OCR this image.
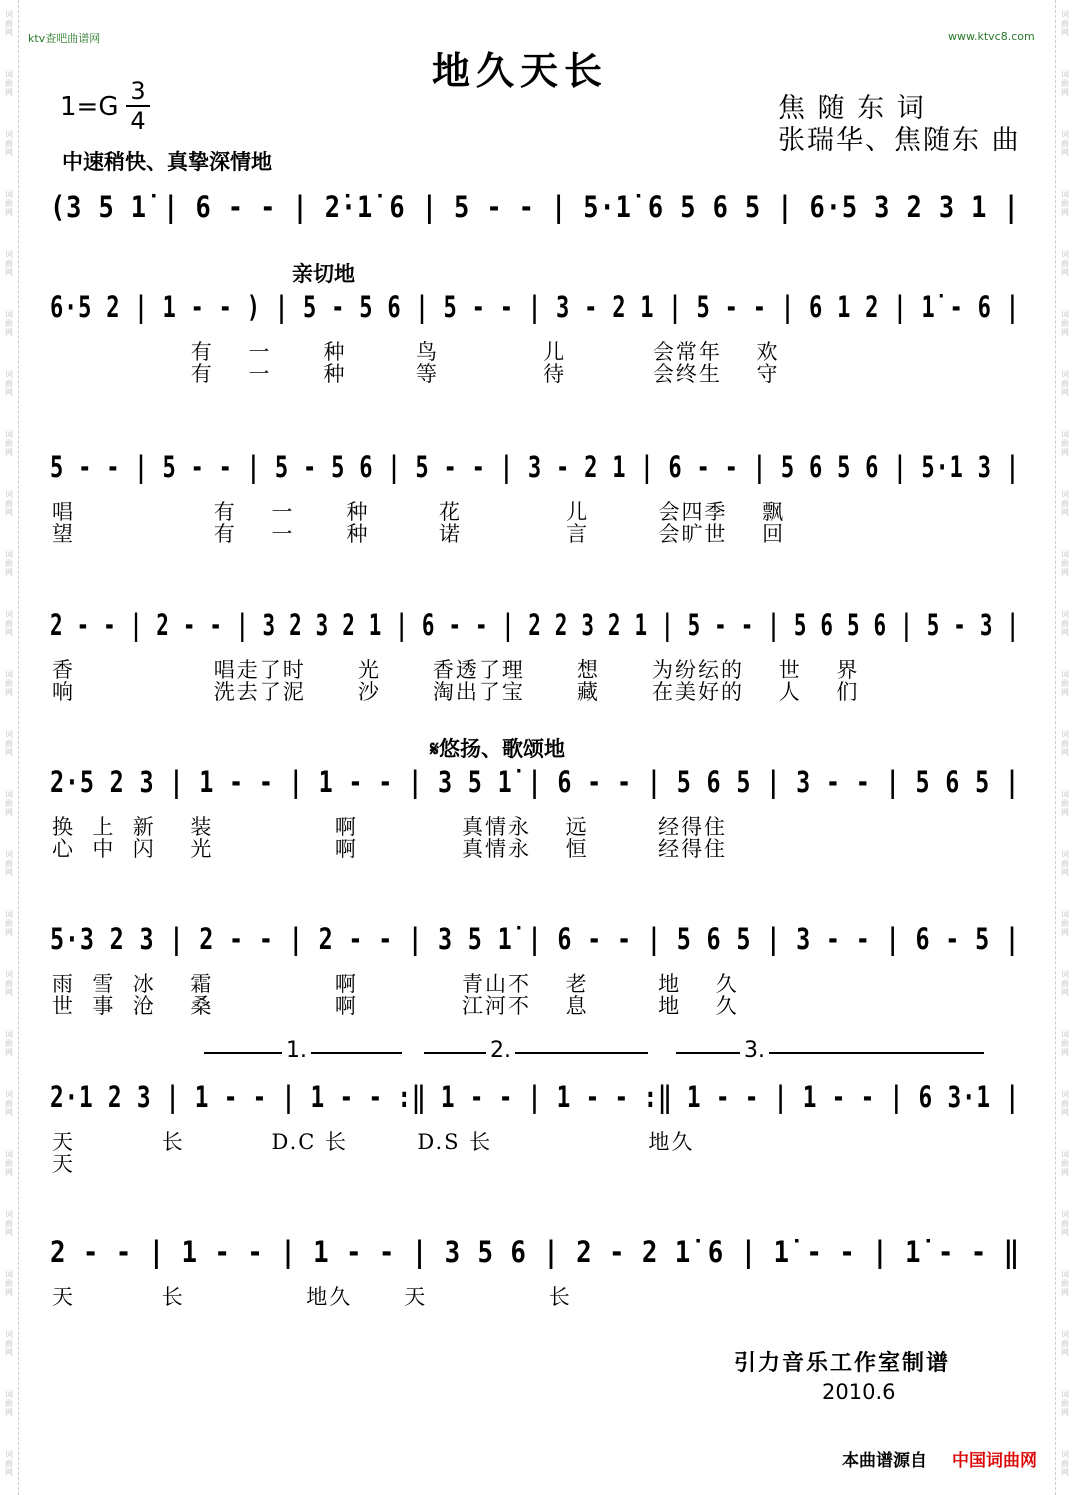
词
曲
网
词
曲
网
词
曲
网
词
曲
网
词
曲
网
词
曲
网
词
曲
网
词
曲
网
词
曲
网
词
曲
网
词
曲
网
词
曲
网
词
曲
网
词
曲
网
词
曲
网
词
曲
网
词
曲
网
词
曲
网
词
曲
网
词
曲
网
词
曲
网
词
曲
网
词
曲
网
词
曲
网
词
曲
网
词
曲
网
词
曲
网
词
曲
网
词
曲
网
词
曲
网
词
曲
网
词
曲
网
词
曲
网
词
曲
网
词
曲
网
词
曲
网
词
曲
网
词
曲
网
词
曲
网
词
曲
网
词
曲
网
词
曲
网
词
曲
网
词
曲
网
词
曲
网
词
曲
网
词
曲
网
词
曲
网
词
曲
网
词
曲
网
ktv查吧曲谱网	www.ktvc8.com
地久天长
1=G
3
4	焦 随 东 词
张瑞华、焦随东 曲
中速稍快、真挚深情地
(3 5 1̇ | 6 - - | 2̇·1̇ 6 | 5 - - | 5·1̇ 6 5 6 5 | 6·5 3 2 3 1 |
亲切地
6·5 2 | 1 - - ) | 5 - 5 6 | 5 - - | 3 - 2 1 | 5 - - | 6 1 2 | 1̇ - 6 |
有    一      种        鸟            儿          会常年    欢
有    一      种        等            待          会终生    守
5 - - | 5 - - | 5 - 5 6 | 5 - - | 3 - 2 1 | 6 - - | 5 6 5 6 | 5·1 3 |
唱                有    一      种        花            儿        会四季    飘
望                有    一      种        诺            言        会旷世    回
2 - - | 2 - - | 3 2 3 2 1 | 6 - - | 2 2 3 2 1 | 5 - - | 5 6 5 6 | 5 - 3 |
香                唱走了时      光      香透了理      想      为纷纭的    世    界
响                洗去了泥      沙      淘出了宝      藏      在美好的    人    们
𝄋悠扬、歌颂地
2·5 2 3 | 1 - - | 1 - - | 3 5 1̇ | 6 - - | 5 6 5 | 3 - - | 5 6 5 |
换  上  新    装              啊            真情永    远        经得住
心  中  闪    光              啊            真情永    恒        经得住
5·3 2 3 | 2 - - | 2 - - | 3 5 1̇ | 6 - - | 5 6 5 | 3 - - | 6 - 5 |
雨  雪  冰    霜              啊            青山不    老        地    久
世  事  沧    桑              啊            江河不    息        地    久
2·1 2 3 | 1 - - | 1 - - :‖ 1 - - | 1 - - :‖ 1 - - | 1 - - | 6 3·1 |
天          长          D.C 长        D.S 长                  地久
天
2 - - | 1 - - | 1 - - | 3 5 6 | 2 - 2 1̇ 6 | 1̇ - - | 1̇ - - ‖
天          长              地久      天              长
1.	2.	3.
引力音乐工作室制谱
2010.6
本曲谱源自 中国词曲网
